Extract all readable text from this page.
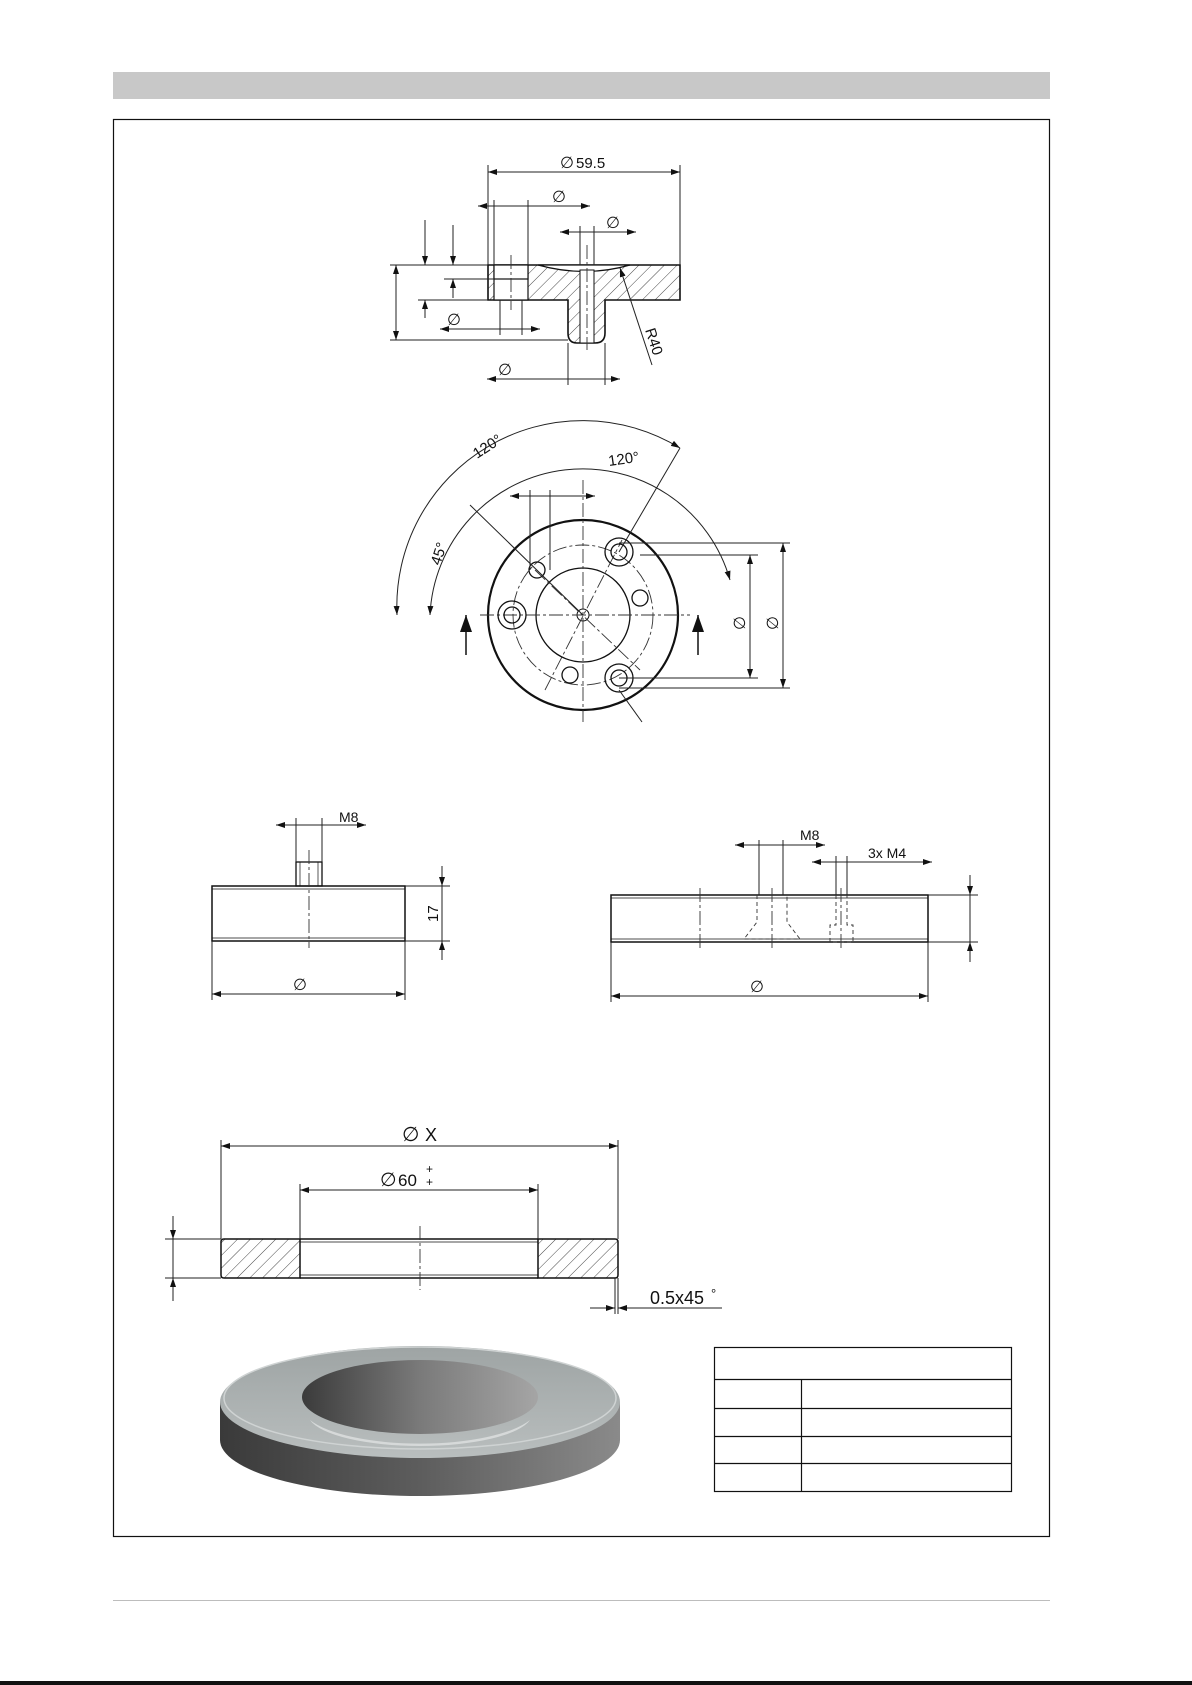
∅ 59.5
∅
∅
∅
∅
R40
∅
∅
120°	120°
45°
M8
17
∅
M8
3x M4
∅
∅ X
∅ 60
+
+
0.5x45 °
